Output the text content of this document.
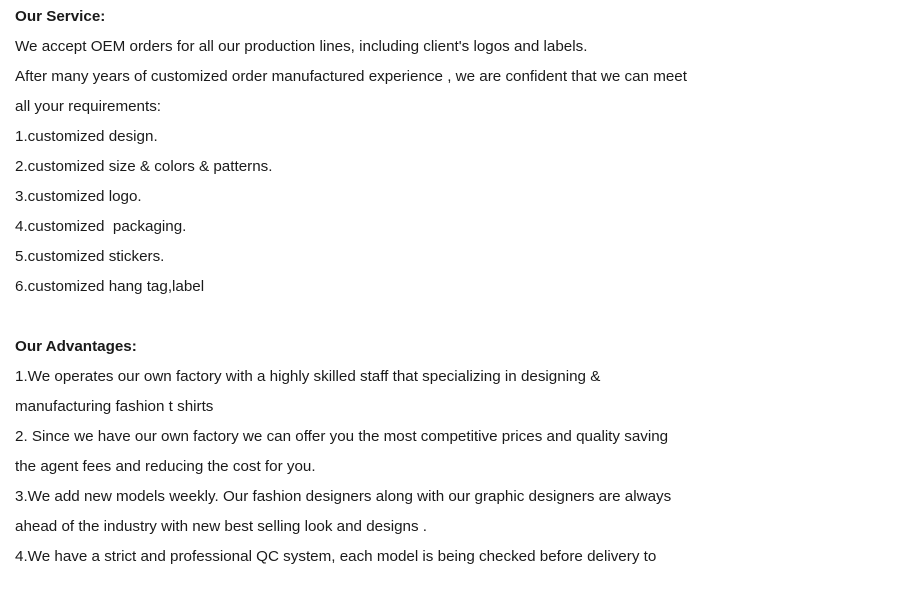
Our Service:
We accept OEM orders for all our production lines, including client's logos and labels.
After many years of customized order manufactured experience , we are confident that we can meet
all your requirements:
1.customized design.
2.customized size & colors & patterns.
3.customized logo.
4.customized  packaging.
5.customized stickers.
6.customized hang tag,label
Our Advantages:
1.We operates our own factory with a highly skilled staff that specializing in designing &
manufacturing fashion t shirts
2. Since we have our own factory we can offer you the most competitive prices and quality saving
the agent fees and reducing the cost for you.
3.We add new models weekly. Our fashion designers along with our graphic designers are always
ahead of the industry with new best selling look and designs .
4.We have a strict and professional QC system, each model is being checked before delivery to
